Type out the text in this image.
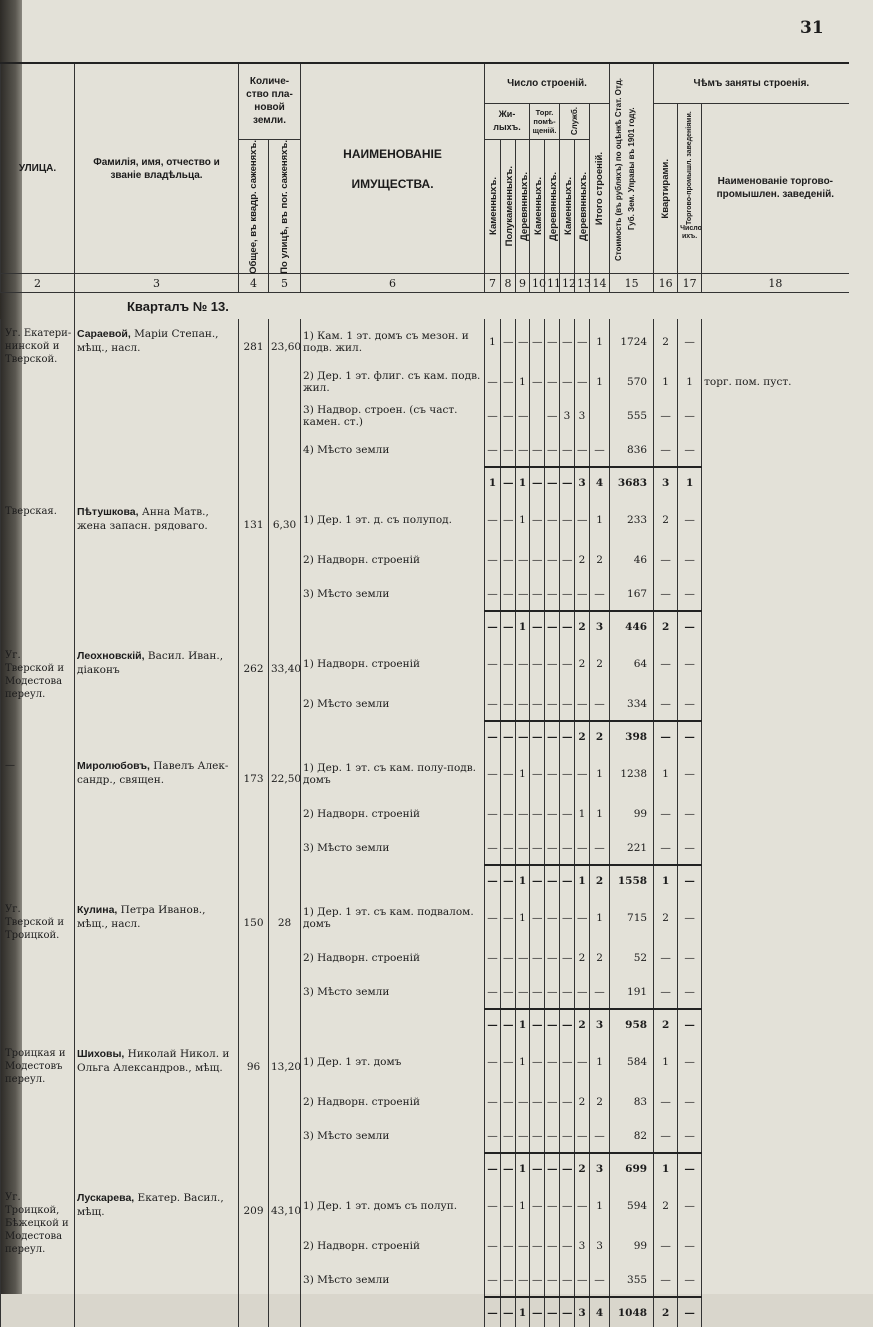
31
УЛИЦА.	Фамилія, имя, отчество и званіе владѣльца.	Количе-ство пла-новой земли.		НАИМЕНОВАНІЕ ИМУЩЕСТВА.	Число строеній.								Стоимость (въ рубляхъ) по оцѣнкѣ Стат. Отд. Губ. Зем. Управы въ 1901 году.	Чѣмъ заняты строенія.		
					Жи-лыхъ.			Торг. помѣ-щеній.		Служб.		Итого строеній.		Квартирами.	Торгово-промышл. заведеніями.
Число ихъ.	Наименованіе торгово-промышлен. заведеній.

		Общее, въ квадр. саженяхъ.	По улицѣ, въ пог. саженяхъ.		Каменныхъ.	Полукаменныхъ.	Деревянныхъ.	Каменныхъ.	Деревянныхъ.	Каменныхъ.	Деревянныхъ.					

2	3	4	5	6	7	8	9	10	11	12	13	14	15	16	17	18
	Кварталъ № 13.															
Уг. Екатери-нинской и Тверской.	Сараевой, Маріи Степан., мѣщ., насл.	281	23,60	1) Кам. 1 эт. домъ съ мезон. и подв. жил.	1	—	—	—	—	—	—	1	1724	2	—	
				2) Дер. 1 эт. флиг. съ кам. подв. жил.	—	—	1	—	—	—	—	1	570	1	1	торг. пом. пуст.
				3) Надвор. строен. (съ част. камен. ст.)	—	—	—		—	3	3		555	—	—	
				4) Мѣсто земли	—	—	—	—	—	—	—	—	836	—	—	
					1	—	1	—	—	—	3	4	3683	3	1	
Тверская.	Пѣтушкова, Анна Матв., жена запасн. рядоваго.	131	6,30	1) Дер. 1 эт. д. съ полупод.	—	—	1	—	—	—	—	1	233	2	—	
				2) Надворн. строеній	—	—	—	—	—	—	2	2	46	—	—	
				3) Мѣсто земли	—	—	—	—	—	—	—	—	167	—	—	
					—	—	1	—	—	—	2	3	446	2	—	
Уг. Тверской и Модестова переул.	Леохновскій, Васил. Иван., діаконъ	262	33,40	1) Надворн. строеній	—	—	—	—	—	—	2	2	64	—	—	
				2) Мѣсто земли	—	—	—	—	—	—	—	—	334	—	—	
					—	—	—	—	—	—	2	2	398	—	—	
—	Миролюбовъ, Павелъ Алек-сандр., священ.	173	22,50	1) Дер. 1 эт. съ кам. полу-подв. домъ	—	—	1	—	—	—	—	1	1238	1	—	
				2) Надворн. строеній	—	—	—	—	—	—	1	1	99	—	—	
				3) Мѣсто земли	—	—	—	—	—	—	—	—	221	—	—	
					—	—	1	—	—	—	1	2	1558	1	—	
Уг. Тверской и Троицкой.	Кулина, Петра Иванов., мѣщ., насл.	150	28	1) Дер. 1 эт. съ кам. подвалом. домъ	—	—	1	—	—	—	—	1	715	2	—	
				2) Надворн. строеній	—	—	—	—	—	—	2	2	52	—	—	
				3) Мѣсто земли	—	—	—	—	—	—	—	—	191	—	—	
					—	—	1	—	—	—	2	3	958	2	—	
Троицкая и Модестовъ переул.	Шиховы, Николай Никол. и Ольга Александров., мѣщ.	96	13,20	1) Дер. 1 эт. домъ	—	—	1	—	—	—	—	1	584	1	—	
				2) Надворн. строеній	—	—	—	—	—	—	2	2	83	—	—	
				3) Мѣсто земли	—	—	—	—	—	—	—	—	82	—	—	
					—	—	1	—	—	—	2	3	699	1	—	
Уг. Троицкой, Бѣжецкой и Модестова переул.	Лускарева, Екатер. Васил., мѣщ.	209	43,10	1) Дер. 1 эт. домъ съ полуп.	—	—	1	—	—	—	—	1	594	2	—	
				2) Надворн. строеній	—	—	—	—	—	—	3	3	99	—	—	
				3) Мѣсто земли	—	—	—	—	—	—	—	—	355	—	—	
					—	—	1	—	—	—	3	4	1048	2	—	
